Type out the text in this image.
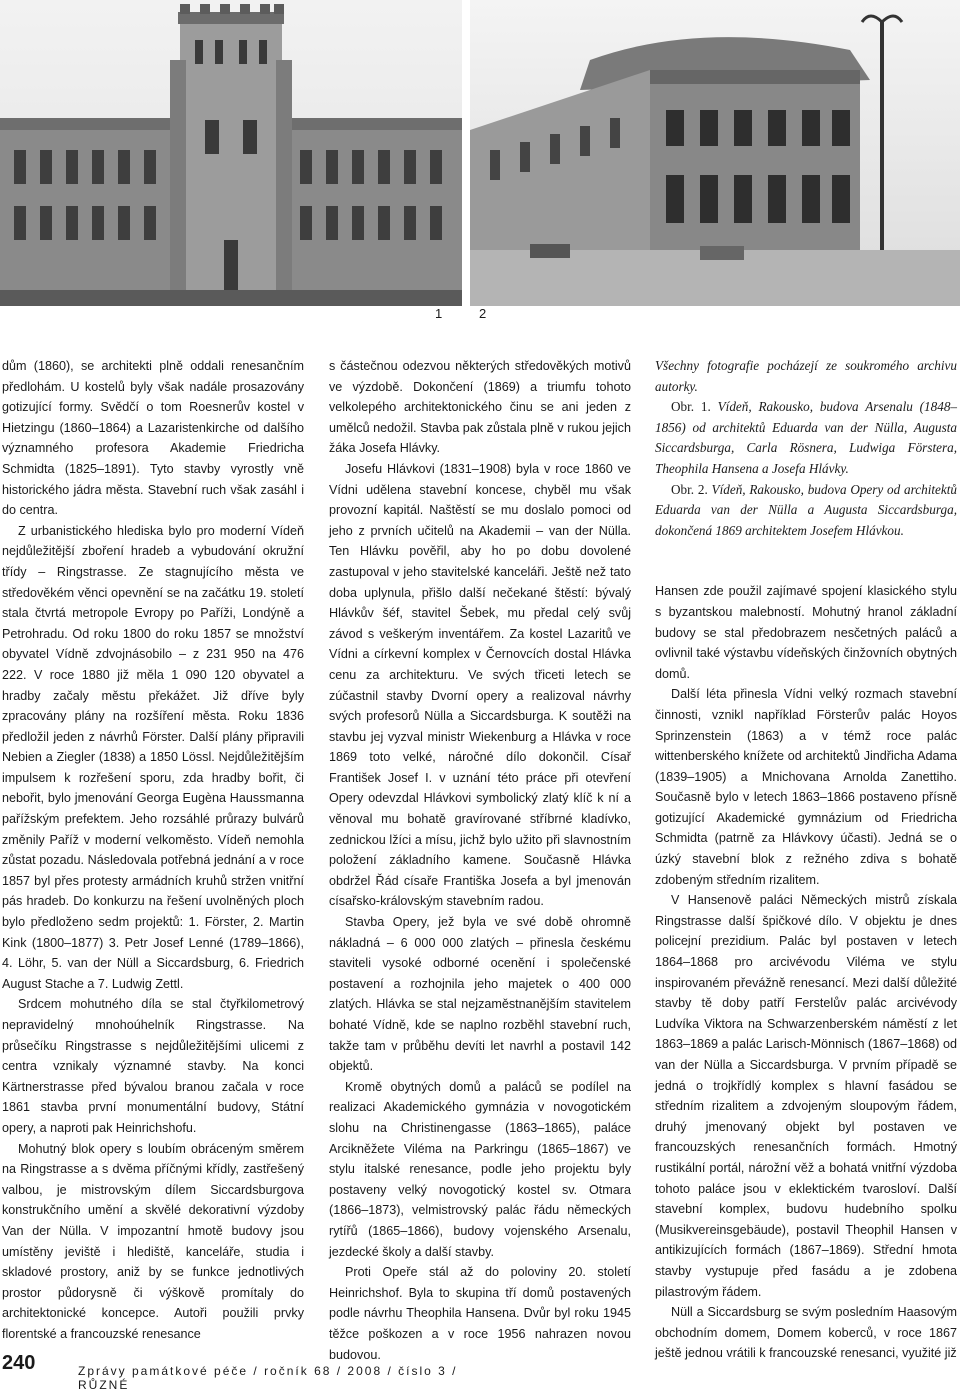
1	2

dům (1860), se architekti plně oddali renesančním předlohám. U kostelů byly však nadále prosazovány gotizující formy. Svědčí o tom Roesnerův kostel v Hietzingu (1860–1864) a Lazaristenkirche od dalšího významného profesora Akademie Friedricha Schmidta (1825–1891). Tyto stavby vyrostly vně historického jádra města. Stavební ruch však zasáhl i do centra.

Z urbanistického hlediska bylo pro moderní Vídeň nejdůležitější zboření hradeb a vybudování okružní třídy – Ringstrasse. Ze stagnujícího města ve středověkém věnci opevnění se na začátku 19. století stala čtvrtá metropole Evropy po Paříži, Londýně a Petrohradu. Od roku 1800 do roku 1857 se množství obyvatel Vídně zdvojnásobilo – z 231 950 na 476 222. V roce 1880 již měla 1 090 120 obyvatel a hradby začaly městu překážet. Již dříve byly zpracovány plány na rozšíření města. Roku 1836 předložil jeden z návrhů Förster. Další plány připravili Nebien a Ziegler (1838) a 1850 Lössl. Nejdůležitějším impulsem k rozřešení sporu, zda hradby bořit, či nebořit, bylo jmenování Georga Eugèna Haussmanna pařížským prefektem. Jeho rozsáhlé průrazy bulvárů změnily Paříž v moderní velkoměsto. Vídeň nemohla zůstat pozadu. Následovala potřebná jednání a v roce 1857 byl přes protesty armádních kruhů stržen vnitřní pás hradeb. Do konkurzu na řešení uvolněných ploch bylo předloženo sedm projektů: 1. Förster, 2. Martin Kink (1800–1877) 3. Petr Josef Lenné (1789–1866), 4. Löhr, 5. van der Nüll a Siccardsburg, 6. Friedrich August Stache a 7. Ludwig Zettl.

Srdcem mohutného díla se stal čtyřkilometrový nepravidelný mnohoúhelník Ringstrasse. Na průsečíku Ringstrasse s nejdůležitějšími ulicemi z centra vznikaly významné stavby. Na konci Kärtnerstrasse před bývalou branou začala v roce 1861 stavba první monumentální budovy, Státní opery, a naproti pak Heinrichshofu.

Mohutný blok opery s loubím obráceným směrem na Ringstrasse a s dvěma příčnými křídly, zastřešený valbou, je mistrovským dílem Siccardsburgova konstrukčního umění a skvělé dekorativní výzdoby Van der Nülla. V impozantní hmotě budovy jsou umístěny jeviště i hlediště, kanceláře, studia i skladové prostory, aniž by se funkce jednotlivých prostor půdorysně či výškově promítaly do architektonické koncepce. Autoři použili prvky florentské a francouzské renesance

s částečnou odezvou některých středověkých motivů ve výzdobě. Dokončení (1869) a triumfu tohoto velkolepého architektonického činu se ani jeden z umělců nedožil. Stavba pak zůstala plně v rukou jejich žáka Josefa Hlávky.

Josefu Hlávkovi (1831–1908) byla v roce 1860 ve Vídni udělena stavební koncese, chyběl mu však provozní kapitál. Naštěstí se mu doslalo pomoci od jeho z prvních učitelů na Akademii – van der Nülla. Ten Hlávku pověřil, aby ho po dobu dovolené zastupoval v jeho stavitelské kanceláři. Ještě než tato doba uplynula, přišlo další nečekané štěstí: bývalý Hlávkův šéf, stavitel Šebek, mu předal celý svůj závod s veškerým inventářem. Za kostel Lazaritů ve Vídni a církevní komplex v Černovcích dostal Hlávka cenu za architekturu. Ve svých třiceti letech se zúčastnil stavby Dvorní opery a realizoval návrhy svých profesorů Nülla a Siccardsburga. K soutěži na stavbu jej vyzval ministr Wiekenburg a Hlávka v roce 1869 toto velké, náročné dílo dokončil. Císař František Josef I. v uznání této práce při otevření Opery odevzdal Hlávkovi symbolický zlatý klíč k ní a věnoval mu bohatě gravírované stříbrné kladívko, zednickou lžíci a mísu, jichž bylo užito při slavnostním položení základního kamene. Současně Hlávka obdržel Řád císaře Františka Josefa a byl jmenován císařsko-královským stavebním radou.

Stavba Opery, jež byla ve své době ohromně nákladná – 6 000 000 zlatých – přinesla českému staviteli vysoké odborné ocenění i společenské postavení a rozhojnila jeho majetek o 400 000 zlatých. Hlávka se stal nejzaměstnanějším stavitelem bohaté Vídně, kde se naplno rozběhl stavební ruch, takže tam v průběhu devíti let navrhl a postavil 142 objektů.

Kromě obytných domů a paláců se podílel na realizaci Akademického gymnázia v novogotickém slohu na Christinengasse (1863–1865), paláce Arcikněžete Viléma na Parkringu (1865–1867) ve stylu italské renesance, podle jeho projektu byly postaveny velký novogotický kostel sv. Otmara (1866–1873), velmistrovský palác řádu německých rytířů (1865–1866), budovy vojenského Arsenalu, jezdecké školy a další stavby.

Proti Opeře stál až do poloviny 20. století Heinrichshof. Byla to skupina tří domů postavených podle návrhu Theophila Hansena. Dvůr byl roku 1945 těžce poškozen a v roce 1956 nahrazen novou budovou.

Všechny fotografie pocházejí ze soukromého archivu autorky.

Obr. 1. Vídeň, Rakousko, budova Arsenalu (1848–1856) od architektů Eduarda van der Nülla, Augusta Siccardsburga, Carla Rösnera, Ludwiga Förstera, Theophila Hansena a Josefa Hlávky.

Obr. 2. Vídeň, Rakousko, budova Opery od architektů Eduarda van der Nülla a Augusta Siccardsburga, dokončená 1869 architektem Josefem Hlávkou.

Hansen zde použil zajímavé spojení klasického stylu s byzantskou malebností. Mohutný hranol základní budovy se stal předobrazem nesčetných paláců a ovlivnil také výstavbu vídeňských činžovních obytných domů.

Další léta přinesla Vídni velký rozmach stavební činnosti, vznikl například Försterův palác Hoyos Sprinzenstein (1863) a v témž roce palác wittenberského knížete od architektů Jindřicha Adama (1839–1905) a Mnichovana Arnolda Zanettiho. Současně bylo v letech 1863–1866 postaveno přísně gotizující Akademické gymnázium od Friedricha Schmidta (patrně za Hlávkovy účasti). Jedná se o úzký stavební blok z režného zdiva s bohatě zdobeným středním rizalitem.

V Hansenově paláci Německých mistrů získala Ringstrasse další špičkové dílo. V objektu je dnes policejní prezidium. Palác byl postaven v letech 1864–1868 pro arcivévodu Viléma ve stylu inspirovaném převážně renesancí. Mezi další důležité stavby tě doby patří Ferstelův palác arcivévody Ludvíka Viktora na Schwarzenberském náměstí z let 1863–1869 a palác Larisch-Mönnisch (1867–1868) od van der Nülla a Siccardsburga. V prvním případě se jedná o trojkřídlý komplex s hlavní fasádou se středním rizalitem a zdvojeným sloupovým řádem, druhý jmenovaný objekt byl postaven ve francouzských renesančních formách. Hmotný rustikální portál, nárožní věž a bohatá vnitřní výzdoba tohoto paláce jsou v eklektickém tvarosloví. Další stavební komplex, budovu hudebního spolku (Musikvereinsgebäude), postavil Theophil Hansen v antikizujících formách (1867–1869). Střední hmota stavby vystupuje před fasádu a je zdobena pilastrovým řádem.

Nüll a Siccardsburg se svým posledním Haasovým obchodním domem, Domem koberců, v roce 1867 ještě jednou vrátili k francouzské renesanci, využité již

240	Zprávy památkové péče / ročník 68 / 2008 / číslo 3 /
RŮZNÉ
